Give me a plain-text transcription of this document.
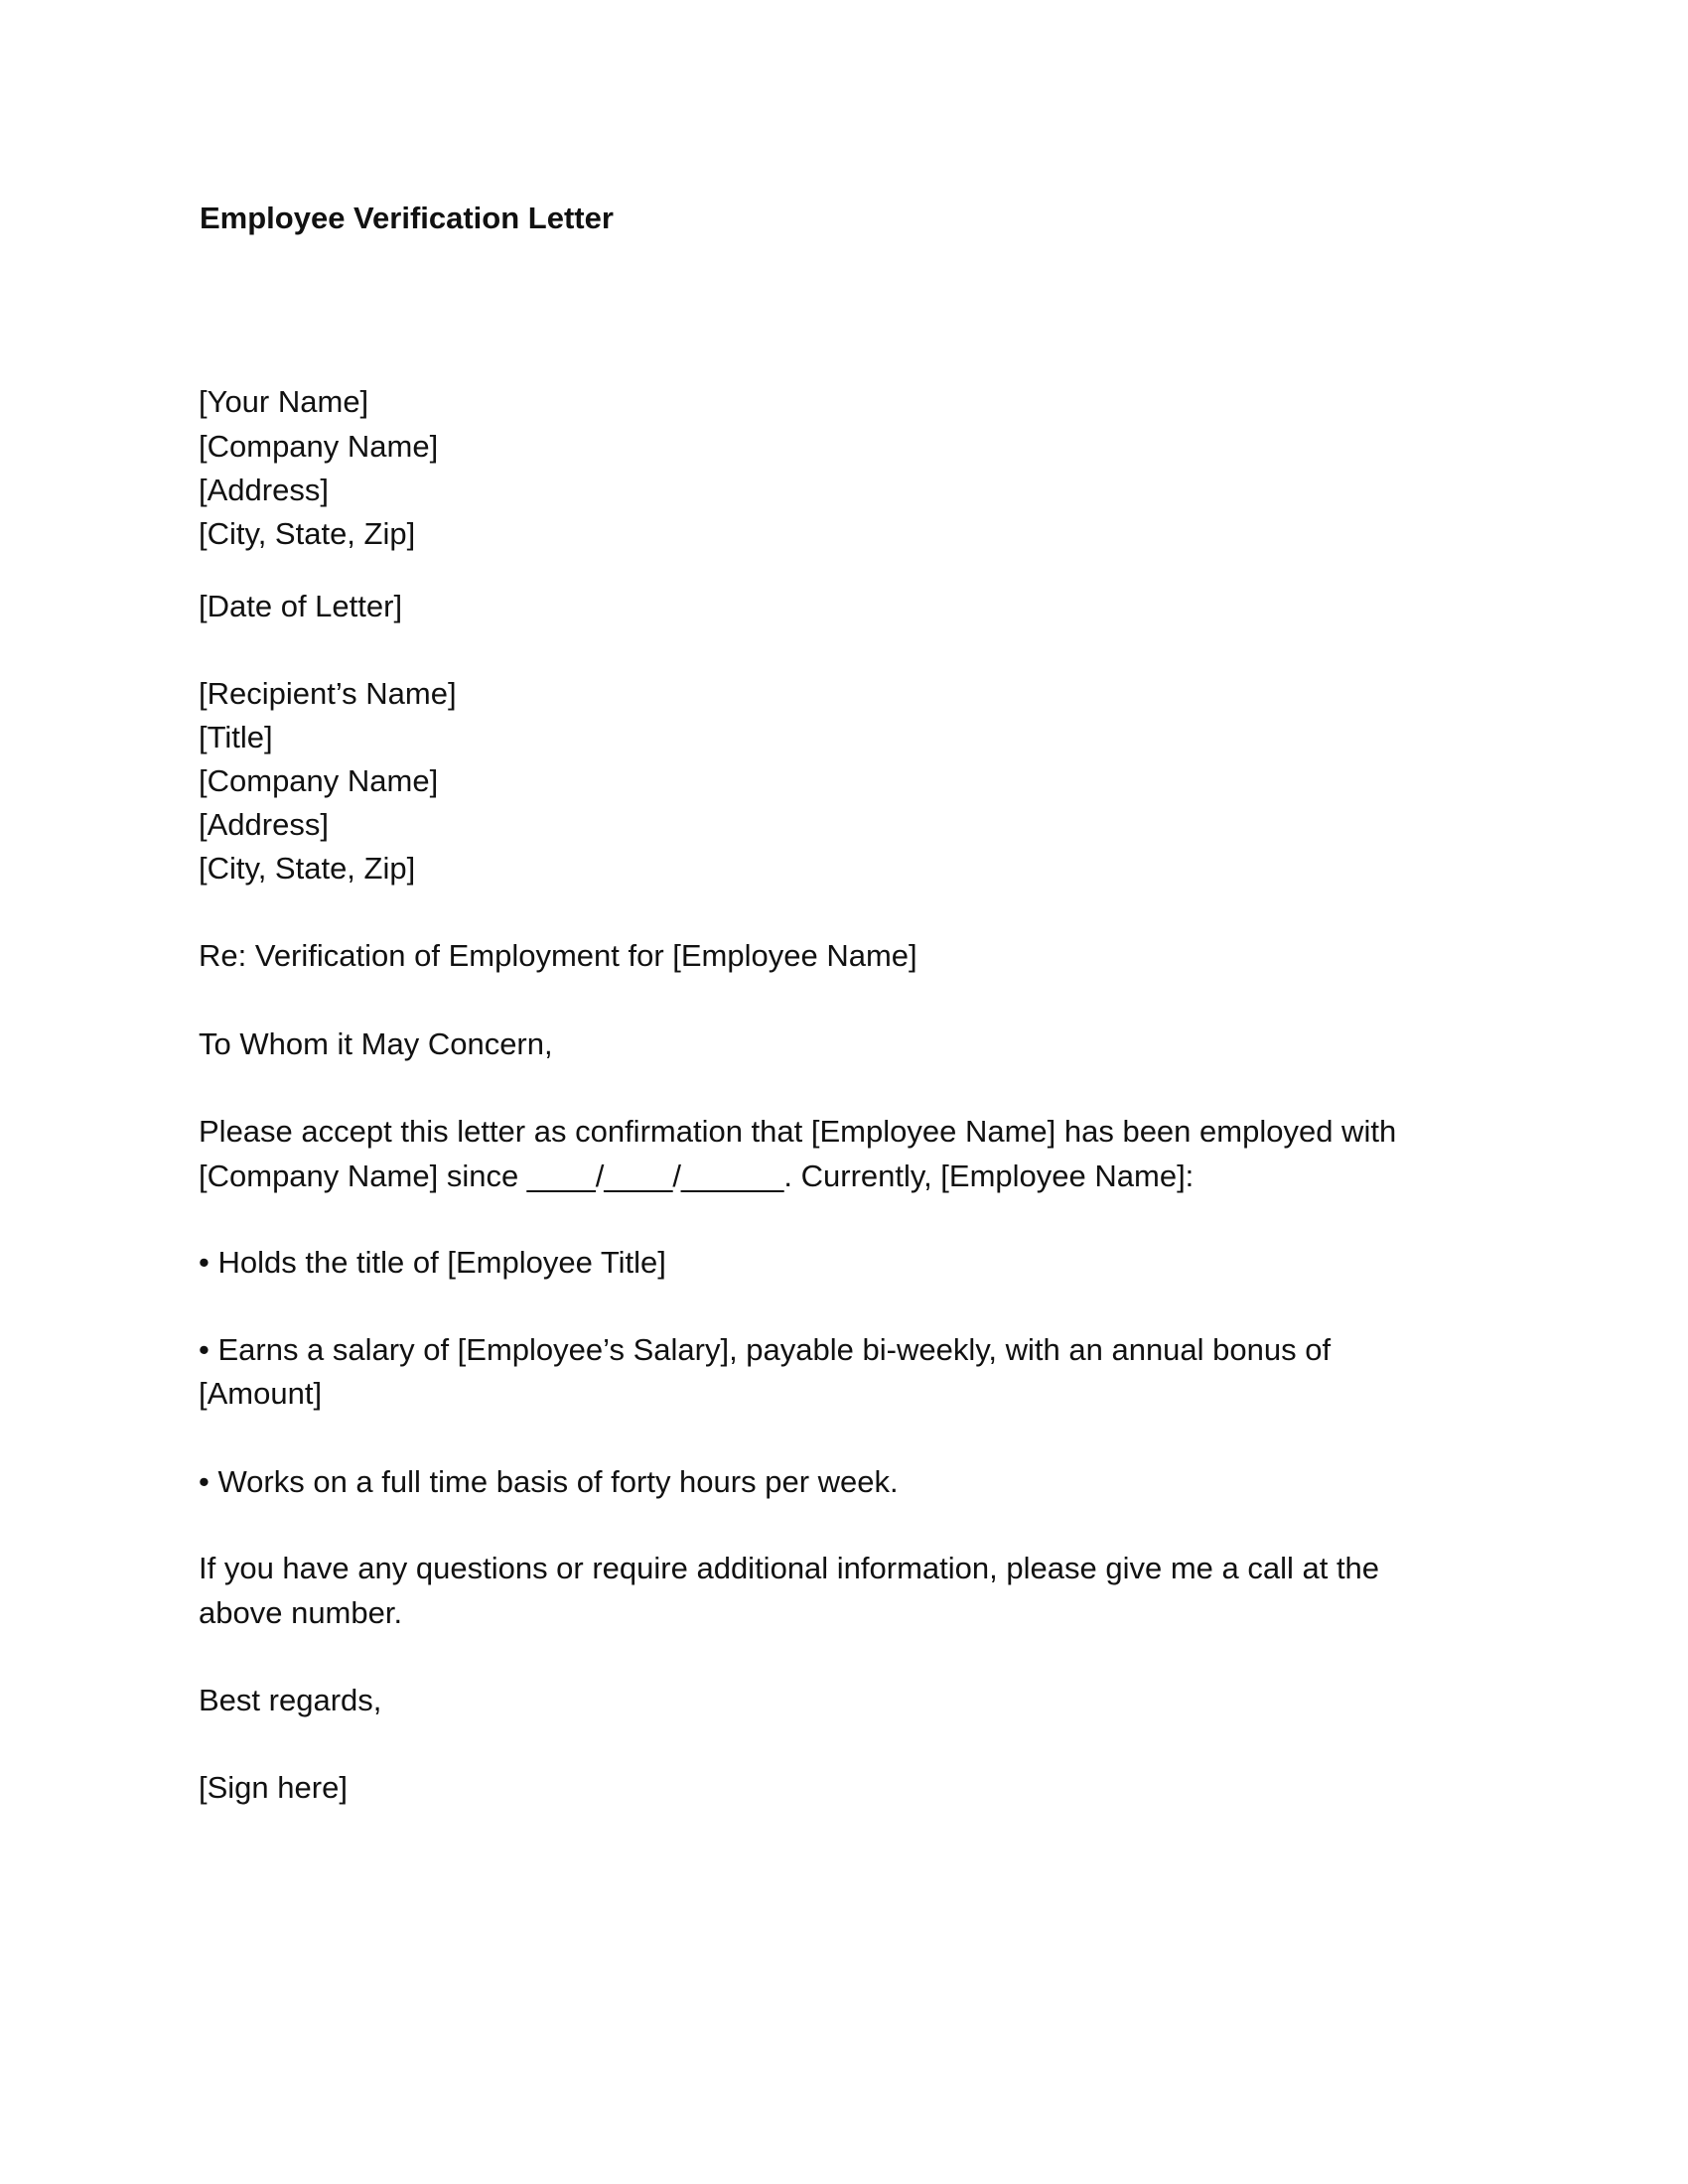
Employee Verification Letter

[Your Name]

[Company Name]

[Address]

[City, State, Zip]

[Date of Letter]

[Recipient’s Name]

[Title]

[Company Name]

[Address]

[City, State, Zip]

Re: Verification of Employment for [Employee Name]

To Whom it May Concern,

Please accept this letter as confirmation that [Employee Name] has been employed with

[Company Name] since ____/____/______. Currently, [Employee Name]:

• Holds the title of [Employee Title]

• Earns a salary of [Employee’s Salary], payable bi-weekly, with an annual bonus of

[Amount]

• Works on a full time basis of forty hours per week.

If you have any questions or require additional information, please give me a call at the

above number.

Best regards,

[Sign here]
